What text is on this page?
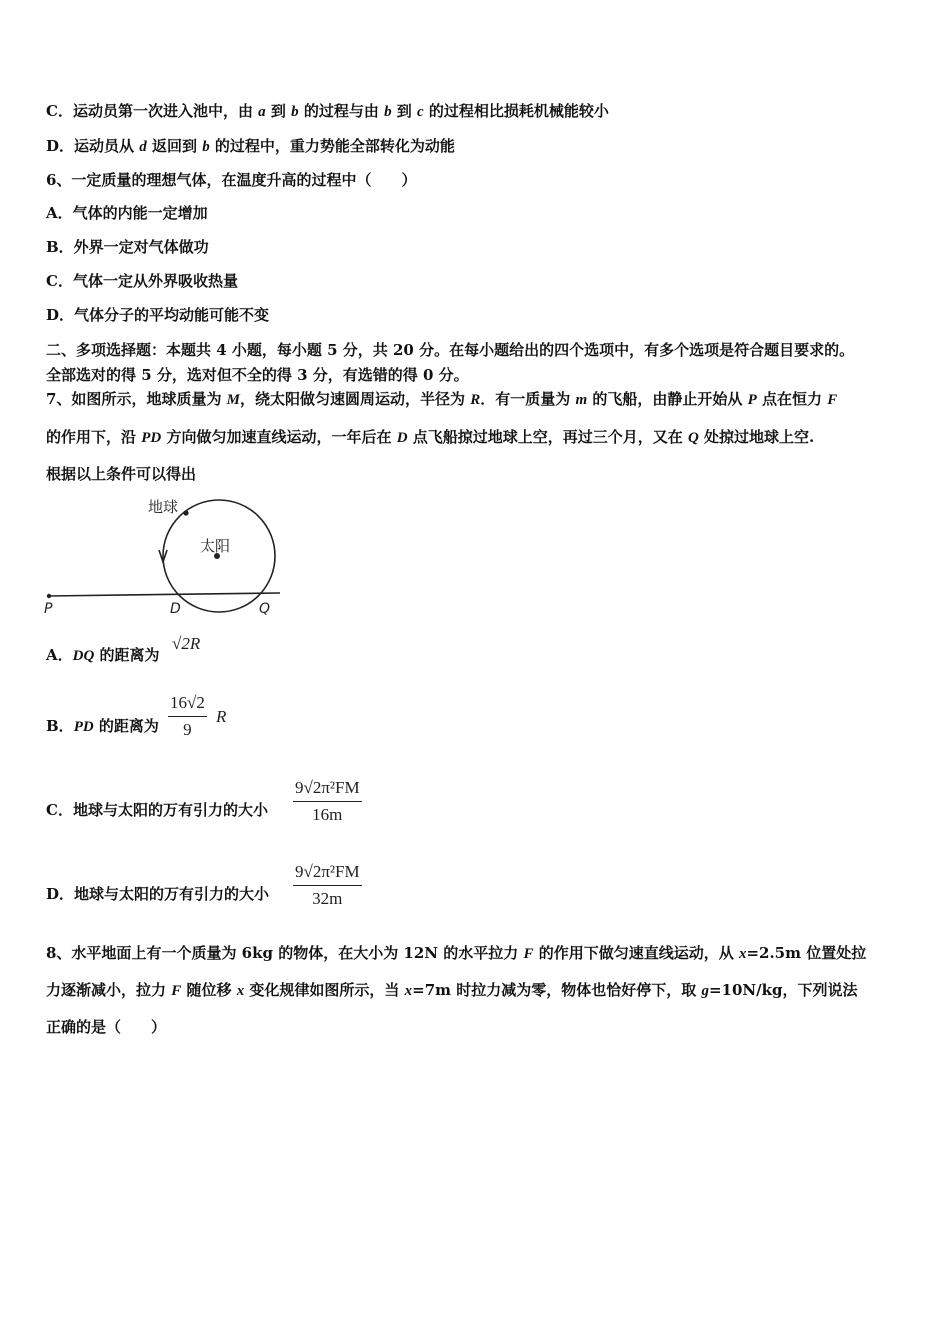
C．运动员第一次进入池中，由 a 到 b 的过程与由 b 到 c 的过程相比损耗机械能较小
D．运动员从 d 返回到 b 的过程中，重力势能全部转化为动能
6、一定质量的理想气体，在温度升高的过程中（　　）
A．气体的内能一定增加
B．外界一定对气体做功
C．气体一定从外界吸收热量
D．气体分子的平均动能可能不变
二、多项选择题：本题共 4 小题，每小题 5 分，共 20 分。在每小题给出的四个选项中，有多个选项是符合题目要求的。
全部选对的得 5 分，选对但不全的得 3 分，有选错的得 0 分。
7、如图所示，地球质量为 M，绕太阳做匀速圆周运动，半径为 R．有一质量为 m 的飞船，由静止开始从 P 点在恒力 F
的作用下，沿 PD 方向做匀加速直线运动，一年后在 D 点飞船掠过地球上空，再过三个月，又在 Q 处掠过地球上空.
根据以上条件可以得出
地球
太阳
P	D	Q
A．DQ 的距离为
√2R
B．PD 的距离为
16√2
9
R
C．地球与太阳的万有引力的大小
9√2π²FM
16m
D．地球与太阳的万有引力的大小
9√2π²FM
32m
8、水平地面上有一个质量为 6kg 的物体，在大小为 12N 的水平拉力 F 的作用下做匀速直线运动，从 x=2.5m 位置处拉
力逐渐减小，拉力 F 随位移 x 变化规律如图所示，当 x=7m 时拉力减为零，物体也恰好停下，取 g=10N/kg，下列说法
正确的是（　　）
